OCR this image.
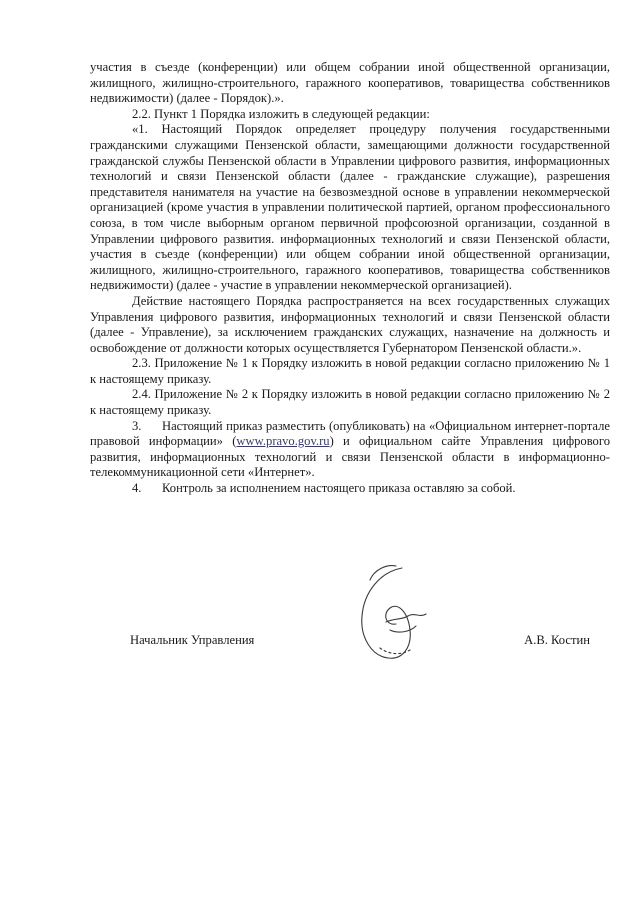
участия в съезде (конференции) или общем собрании иной общественной организации, жилищного, жилищно-строительного, гаражного кооперативов, товарищества собственников недвижимости) (далее - Порядок).».

2.2. Пункт 1 Порядка изложить в следующей редакции:

«1. Настоящий Порядок определяет процедуру получения государственными гражданскими служащими Пензенской области, замещающими должности государственной гражданской службы Пензенской области в Управлении цифрового развития, информационных технологий и связи Пензенской области (далее - гражданские служащие), разрешения представителя нанимателя на участие на безвозмездной основе в управлении некоммерческой организацией (кроме участия в управлении политической партией, органом профессионального союза, в том числе выборным органом первичной профсоюзной организации, созданной в Управлении цифрового развития. информационных технологий и связи Пензенской области, участия в съезде (конференции) или общем собрании иной общественной организации, жилищного, жилищно-строительного, гаражного кооперативов, товарищества собственников недвижимости) (далее - участие в управлении некоммерческой организацией).

Действие настоящего Порядка распространяется на всех государственных служащих Управления цифрового развития, информационных технологий и связи Пензенской области (далее - Управление), за исключением гражданских служащих, назначение на должность и освобождение от должности которых осуществляется Губернатором Пензенской области.».

2.3. Приложение № 1 к Порядку изложить в новой редакции согласно приложению № 1 к настоящему приказу.

2.4. Приложение № 2 к Порядку изложить в новой редакции согласно приложению № 2 к настоящему приказу.

3. Настоящий приказ разместить (опубликовать) на «Официальном интернет-портале правовой информации» (www.pravo.gov.ru) и официальном сайте Управления цифрового развития, информационных технологий и связи Пензенской области в информационно-телекоммуникационной сети «Интернет».

4. Контроль за исполнением настоящего приказа оставляю за собой.

Начальник Управления	А.В. Костин
